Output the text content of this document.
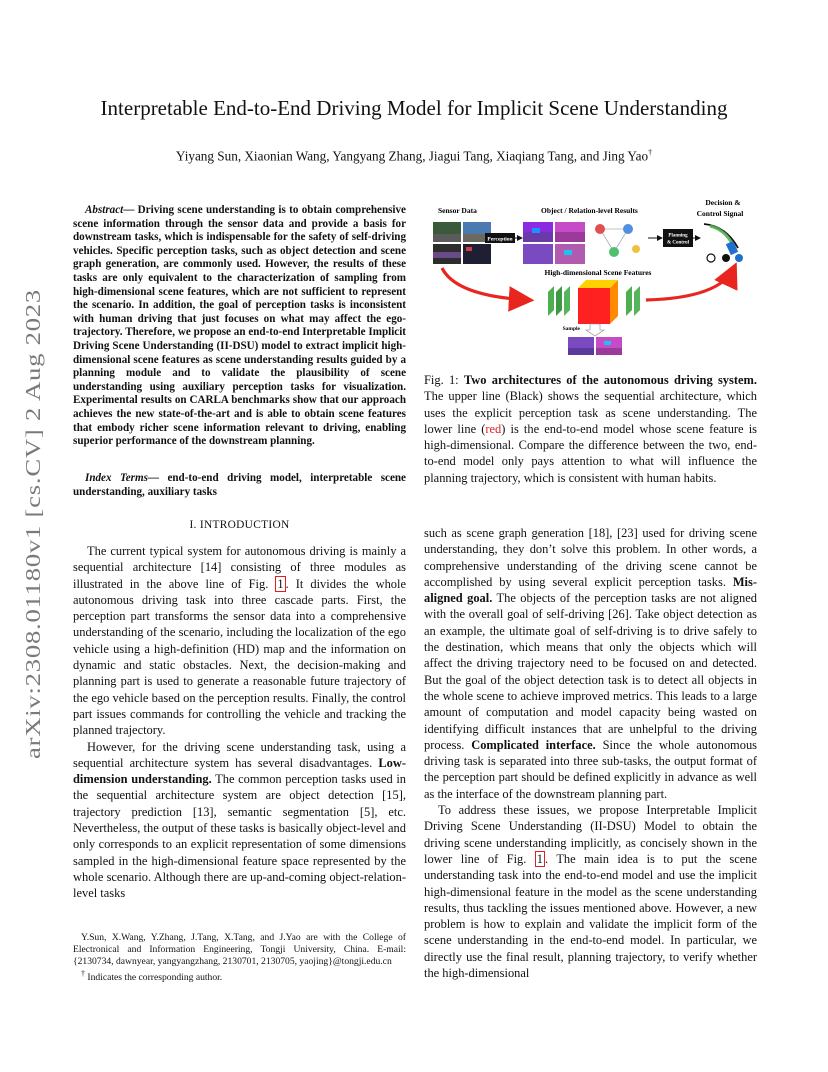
arXiv:2308.01180v1 [cs.CV] 2 Aug 2023
Interpretable End-to-End Driving Model for Implicit Scene Understanding

Yiyang Sun, Xiaonian Wang, Yangyang Zhang, Jiagui Tang, Xiaqiang Tang, and Jing Yao†

Abstract— Driving scene understanding is to obtain comprehensive scene information through the sensor data and provide a basis for downstream tasks, which is indispensable for the safety of self-driving vehicles. Specific perception tasks, such as object detection and scene graph generation, are commonly used. However, the results of these tasks are only equivalent to the characterization of sampling from high-dimensional scene features, which are not sufficient to represent the scenario. In addition, the goal of perception tasks is inconsistent with human driving that just focuses on what may affect the ego-trajectory. Therefore, we propose an end-to-end Interpretable Implicit Driving Scene Understanding (II-DSU) model to extract implicit high-dimensional scene features as scene understanding results guided by a planning module and to validate the plausibility of scene understanding using auxiliary perception tasks for visualization. Experimental results on CARLA benchmarks show that our approach achieves the new state-of-the-art and is able to obtain scene features that embody richer scene information relevant to driving, enabling superior performance of the downstream planning.

Index Terms— end-to-end driving model, interpretable scene understanding, auxiliary tasks

I. INTRODUCTION

The current typical system for autonomous driving is mainly a sequential architecture [14] consisting of three modules as illustrated in the above line of Fig. 1 . It divides the whole autonomous driving task into three cascade parts. First, the perception part transforms the sensor data into a comprehensive understanding of the scenario, including the localization of the ego vehicle using a high-definition (HD) map and the information on dynamic and static obstacles. Next, the decision-making and planning part is used to generate a reasonable future trajectory of the ego vehicle based on the perception results. Finally, the control part issues commands for controlling the vehicle and tracking the planned trajectory.

However, for the driving scene understanding task, using a sequential architecture system has several disadvantages. Low-dimension understanding. The common perception tasks used in the sequential architecture system are object detection [15], trajectory prediction [13], semantic segmentation [5], etc. Nevertheless, the output of these tasks is basically object-level and only corresponds to an explicit representation of some dimensions sampled in the high-dimensional feature space represented by the whole scenario. Although there are up-and-coming object-relation-level tasks

Y.Sun, X.Wang, Y.Zhang, J.Tang, X.Tang, and J.Yao are with the College of Electronical and Information Engineering, Tongji University, China. E-mail: {2130734, dawnyear, yangyangzhang, 2130701, 2130705, yaojing}@tongji.edu.cn

† Indicates the corresponding author.

Sensor Data	Object / Relation-level Results
Decision &
Control Signal
Perception
Planning
& Control
High-dimensional Scene Features
Sample

Fig. 1: Two architectures of the autonomous driving system. The upper line (Black) shows the sequential architecture, which uses the explicit perception task as scene understanding. The lower line (red) is the end-to-end model whose scene feature is high-dimensional. Compare the difference between the two, end-to-end model only pays attention to what will influence the planning trajectory, which is consistent with human habits.

such as scene graph generation [18], [23] used for driving scene understanding, they don’t solve this problem. In other words, a comprehensive understanding of the driving scene cannot be accomplished by using several explicit perception tasks. Mis-aligned goal. The objects of the perception tasks are not aligned with the overall goal of self-driving [26]. Take object detection as an example, the ultimate goal of self-driving is to drive safely to the destination, which means that only the objects which will affect the driving trajectory need to be focused on and detected. But the goal of the object detection task is to detect all objects in the whole scene to achieve improved metrics. This leads to a large amount of computation and model capacity being wasted on identifying difficult instances that are unhelpful to the driving process. Complicated interface. Since the whole autonomous driving task is separated into three sub-tasks, the output format of the perception part should be defined explicitly in advance as well as the interface of the downstream planning part.

To address these issues, we propose Interpretable Implicit Driving Scene Understanding (II-DSU) Model to obtain the driving scene understanding implicitly, as concisely shown in the lower line of Fig. 1 . The main idea is to put the scene understanding task into the end-to-end model and use the implicit high-dimensional feature in the model as the scene understanding results, thus tackling the issues mentioned above. However, a new problem is how to explain and validate the implicit form of the scene understanding in the end-to-end model. In particular, we directly use the final result, planning trajectory, to verify whether the high-dimensional
